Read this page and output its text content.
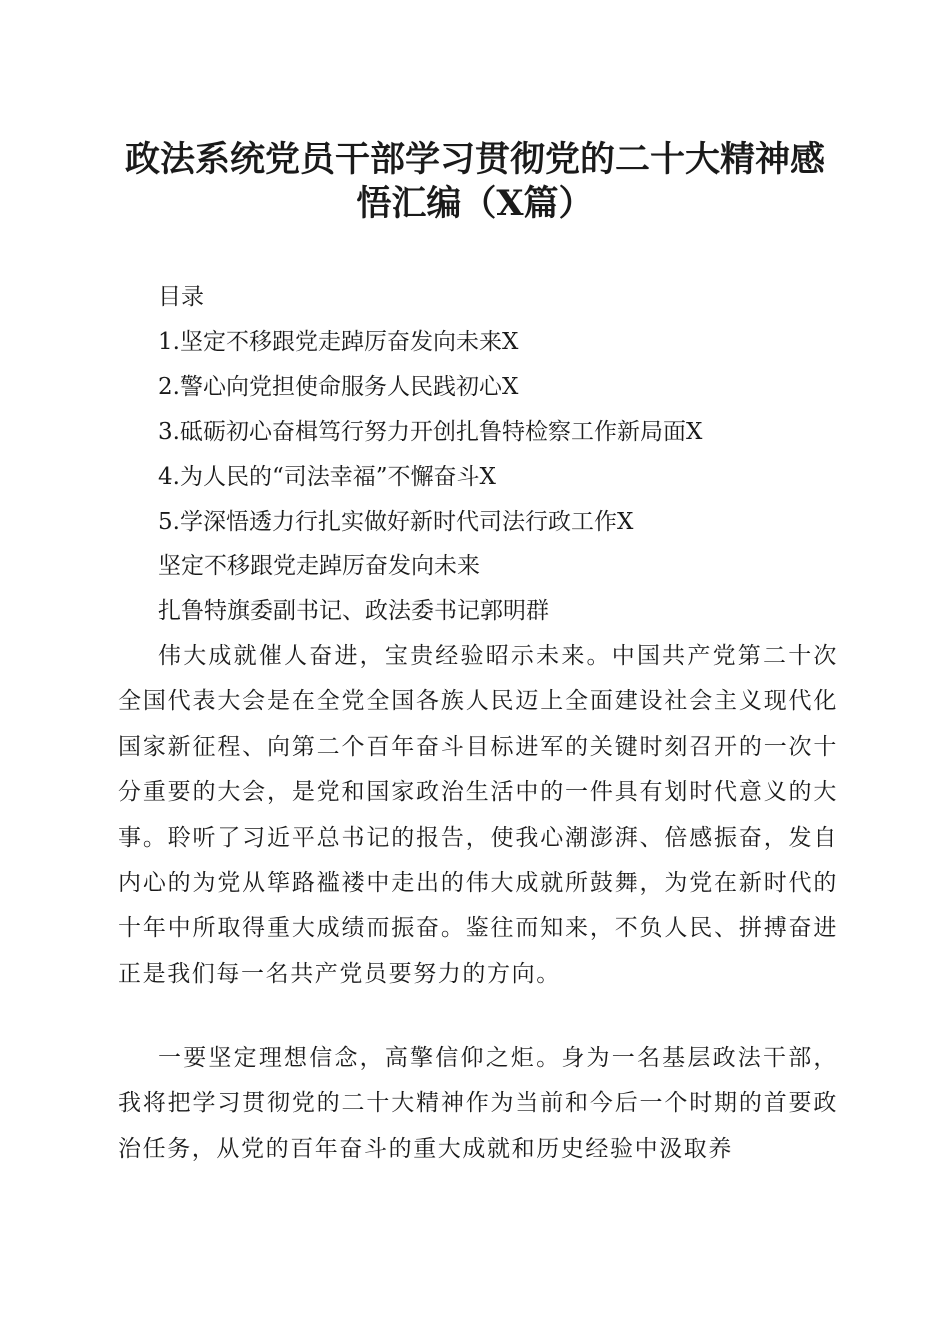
政法系统党员干部学习贯彻党的二十大精神感
悟汇编（X篇）
目录
1.坚定不移跟党走踔厉奋发向未来X
2.警心向党担使命服务人民践初心X
3.砥砺初心奋楫笃行努力开创扎鲁特检察工作新局面X
4.为人民的“司法幸福”不懈奋斗X
5.学深悟透力行扎实做好新时代司法行政工作X
坚定不移跟党走踔厉奋发向未来
扎鲁特旗委副书记、政法委书记郭明群

伟大成就催人奋进，宝贵经验昭示未来。中国共产党第二十次全国代表大会是在全党全国各族人民迈上全面建设社会主义现代化国家新征程、向第二个百年奋斗目标进军的关键时刻召开的一次十分重要的大会，是党和国家政治生活中的一件具有划时代意义的大事。聆听了习近平总书记的报告，使我心潮澎湃、倍感振奋，发自内心的为党从筚路褴褛中走出的伟大成就所鼓舞，为党在新时代的十年中所取得重大成绩而振奋。鉴往而知来，不负人民、拼搏奋进正是我们每一名共产党员要努力的方向。

一要坚定理想信念，高擎信仰之炬。身为一名基层政法干部，我将把学习贯彻党的二十大精神作为当前和今后一个时期的首要政治任务，从党的百年奋斗的重大成就和历史经验中汲取养
